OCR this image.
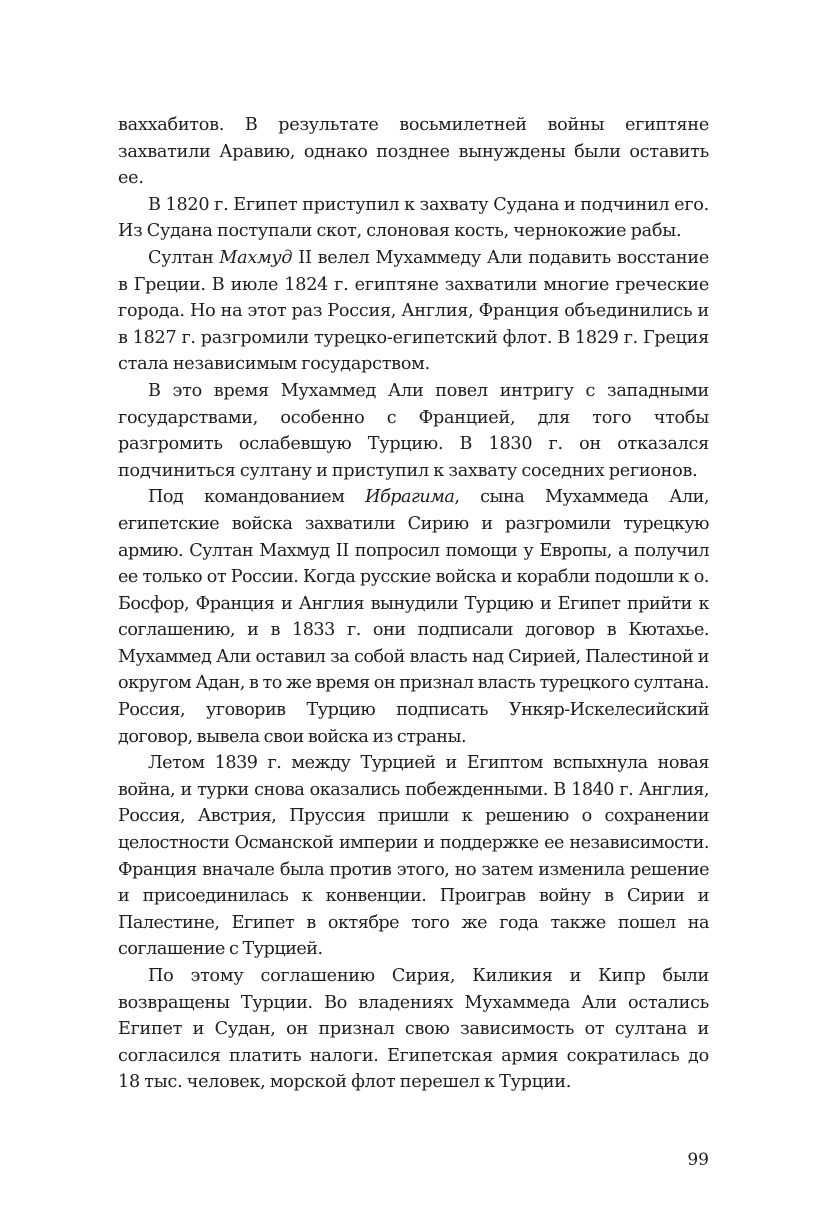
ваххабитов. В результате восьмилетней войны египтяне захватили Аравию, однако позднее вынуждены были оставить ее.

В 1820 г. Египет приступил к захвату Судана и подчинил его. Из Судана поступали скот, слоновая кость, чернокожие рабы.

Султан Махмуд II велел Мухаммеду Али подавить восстание в Греции. В июле 1824 г. египтяне захватили многие греческие города. Но на этот раз Россия, Англия, Франция объединились и в 1827 г. разгромили турецко-египетский флот. В 1829 г. Греция стала независимым государством.

В это время Мухаммед Али повел интригу с западными государствами, особенно с Францией, для того чтобы разгромить ослабевшую Турцию. В 1830 г. он отказался подчиниться султану и приступил к захвату соседних регионов.

Под командованием Ибрагима, сына Мухаммеда Али, египетские войска захватили Сирию и разгромили турецкую армию. Султан Махмуд II попросил помощи у Европы, а получил ее только от России. Когда русские войска и корабли подошли к о. Босфор, Франция и Англия вынудили Турцию и Египет прийти к соглашению, и в 1833 г. они подписали договор в Кютахье. Мухаммед Али оставил за собой власть над Сирией, Палестиной и округом Адан, в то же время он признал власть турецкого султана. Россия, уговорив Турцию подписать Ункяр-Искелесийский договор, вывела свои войска из страны.

Летом 1839 г. между Турцией и Египтом вспыхнула новая война, и турки снова оказались побежденными. В 1840 г. Англия, Россия, Австрия, Пруссия пришли к решению о сохранении целостности Османской империи и поддержке ее независимости. Франция вначале была против этого, но затем изменила решение и присоединилась к конвенции. Проиграв войну в Сирии и Палестине, Египет в октябре того же года также пошел на соглашение с Турцией.

По этому соглашению Сирия, Киликия и Кипр были возвращены Турции. Во владениях Мухаммеда Али остались Египет и Судан, он признал свою зависимость от султана и согласился платить налоги. Египетская армия сократилась до 18 тыс. человек, морской флот перешел к Турции.

99
